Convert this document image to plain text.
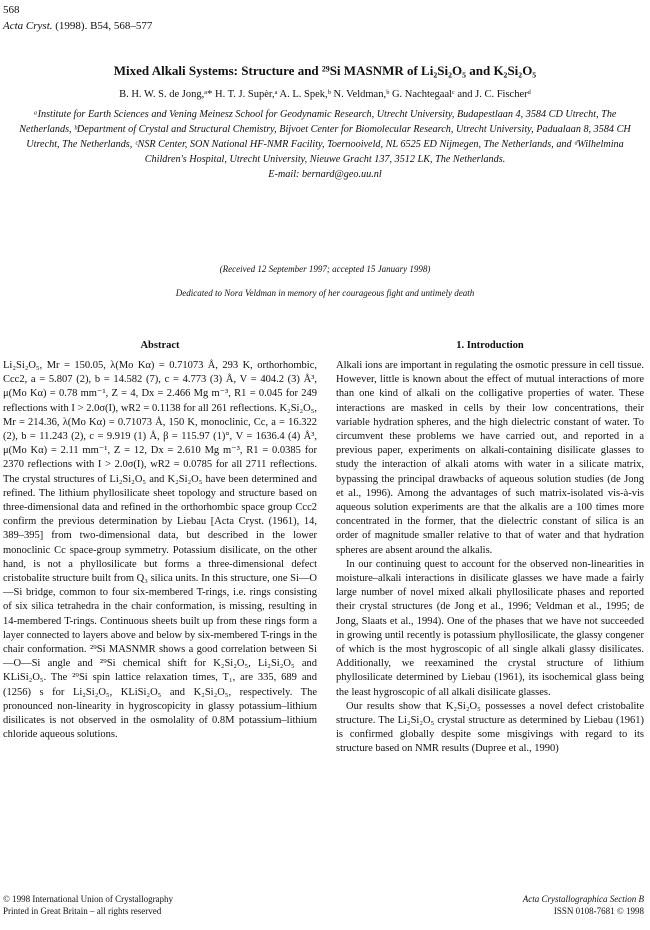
568
Acta Cryst. (1998). B54, 568–577
Mixed Alkali Systems: Structure and ²⁹Si MASNMR of Li₂Si₂O₅ and K₂Si₂O₅
B. H. W. S. de Jong,ᵃ* H. T. J. Supèr,ᵃ A. L. Spek,ᵇ N. Veldman,ᵇ G. Nachtegaalᶜ and J. C. Fischerᵈ
ᵃInstitute for Earth Sciences and Vening Meinesz School for Geodynamic Research, Utrecht University, Budapestlaan 4, 3584 CD Utrecht, The Netherlands, ᵇDepartment of Crystal and Structural Chemistry, Bijvoet Center for Biomolecular Research, Utrecht University, Padualaan 8, 3584 CH Utrecht, The Netherlands, ᶜNSR Center, SON National HF-NMR Facility, Toernooiveld, NL 6525 ED Nijmegen, The Netherlands, and ᵈWilhelmina Children's Hospital, Utrecht University, Nieuwe Gracht 137, 3512 LK, The Netherlands.
E-mail: bernard@geo.uu.nl
(Received 12 September 1997; accepted 15 January 1998)
Dedicated to Nora Veldman in memory of her courageous fight and untimely death
Abstract

Li₂Si₂O₅, Mr = 150.05, λ(Mo Kα) = 0.71073 Å, 293 K, orthorhombic, Ccc2, a = 5.807 (2), b = 14.582 (7), c = 4.773 (3) Å, V = 404.2 (3) Å³, μ(Mo Kα) = 0.78 mm⁻¹, Z = 4, Dx = 2.466 Mg m⁻³, R1 = 0.045 for 249 reflections with I > 2.0σ(I), wR2 = 0.1138 for all 261 reflections. K₂Si₂O₅, Mr = 214.36, λ(Mo Kα) = 0.71073 Å, 150 K, monoclinic, Cc, a = 16.322 (2), b = 11.243 (2), c = 9.919 (1) Å, β = 115.97 (1)°, V = 1636.4 (4) Å³, μ(Mo Kα) = 2.11 mm⁻¹, Z = 12, Dx = 2.610 Mg m⁻³, R1 = 0.0385 for 2370 reflections with I > 2.0σ(I), wR2 = 0.0785 for all 2711 reflections. The crystal structures of Li₂Si₂O₅ and K₂Si₂O₅ have been determined and refined. The lithium phyllosilicate sheet topology and structure based on three-dimensional data and refined in the orthorhombic space group Ccc2 confirm the previous determination by Liebau [Acta Cryst. (1961), 14, 389–395] from two-dimensional data, but described in the lower monoclinic Cc space-group symmetry. Potassium disilicate, on the other hand, is not a phyllosilicate but forms a three-dimensional defect cristobalite structure built from Q₃ silica units. In this structure, one Si—O—Si bridge, common to four six-membered T-rings, i.e. rings consisting of six silica tetrahedra in the chair conformation, is missing, resulting in 14-membered T-rings. Continuous sheets built up from these rings form a layer connected to layers above and below by six-membered T-rings in the chair conformation. ²⁹Si MASNMR shows a good correlation between Si—O—Si angle and ²⁹Si chemical shift for K₂Si₂O₅, Li₂Si₂O₅ and KLiSi₂O₅. The ²⁹Si spin lattice relaxation times, T₁, are 335, 689 and (1256) s for Li₂Si₂O₅, KLiSi₂O₅ and K₂Si₂O₅, respectively. The pronounced non-linearity in hygroscopicity in glassy potassium–lithium disilicates is not observed in the osmolality of 0.8M potassium–lithium chloride aqueous solutions.

1. Introduction

Alkali ions are important in regulating the osmotic pressure in cell tissue. However, little is known about the effect of mutual interactions of more than one kind of alkali on the colligative properties of water. These interactions are masked in cells by their low concentrations, their variable hydration spheres, and the high dielectric constant of water. To circumvent these problems we have carried out, and reported in a previous paper, experiments on alkali-containing disilicate glasses to study the interaction of alkali atoms with water in a silicate matrix, bypassing the principal drawbacks of aqueous solution studies (de Jong et al., 1996). Among the advantages of such matrix-isolated vis-à-vis aqueous solution experiments are that the alkalis are a 100 times more concentrated in the former, that the dielectric constant of silica is an order of magnitude smaller relative to that of water and that hydration spheres are absent around the alkalis.

In our continuing quest to account for the observed non-linearities in moisture–alkali interactions in disilicate glasses we have made a fairly large number of novel mixed alkali phyllosilicate phases and reported their crystal structures (de Jong et al., 1996; Veldman et al., 1995; de Jong, Slaats et al., 1994). One of the phases that we have not succeeded in growing until recently is potassium phyllosilicate, the glassy congener of which is the most hygroscopic of all single alkali glassy disilicates. Additionally, we reexamined the crystal structure of lithium phyllosilicate determined by Liebau (1961), its isochemical glass being the least hygroscopic of all alkali disilicate glasses.

Our results show that K₂Si₂O₅ possesses a novel defect cristobalite structure. The Li₂Si₂O₅ crystal structure as determined by Liebau (1961) is confirmed globally despite some misgivings with regard to its structure based on NMR results (Dupree et al., 1990)

© 1998 International Union of Crystallography
Printed in Great Britain – all rights reserved
Acta Crystallographica Section B
ISSN 0108-7681 © 1998
